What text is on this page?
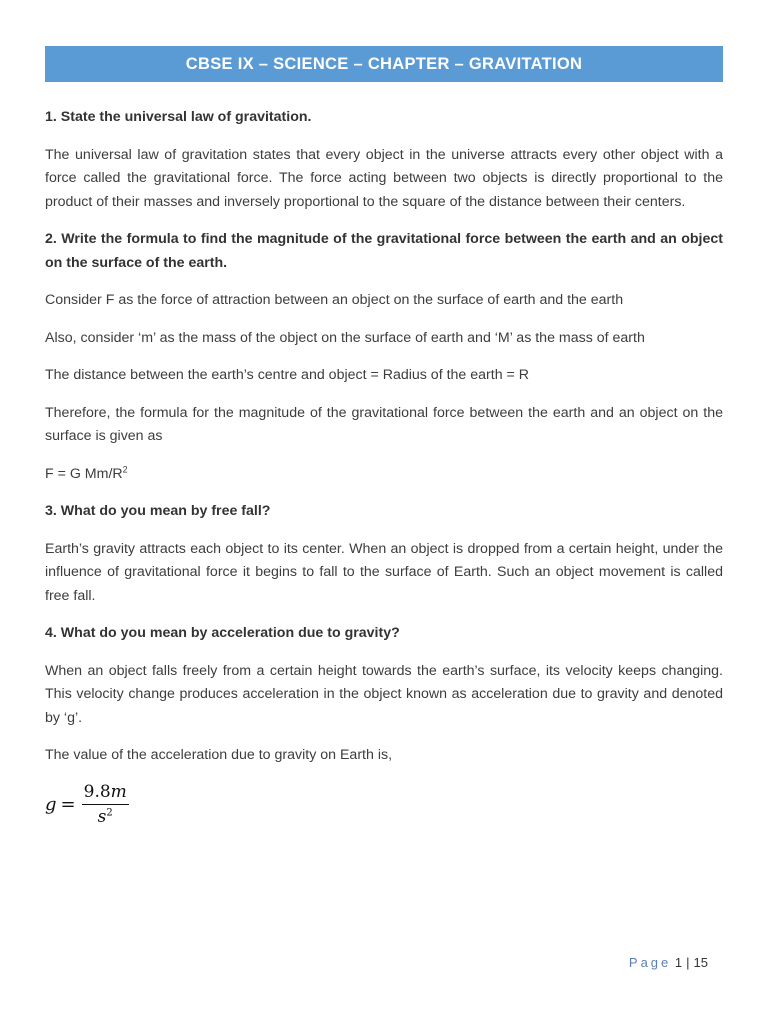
CBSE IX – SCIENCE – CHAPTER – GRAVITATION

1. State the universal law of gravitation.

The universal law of gravitation states that every object in the universe attracts every other object with a force called the gravitational force. The force acting between two objects is directly proportional to the product of their masses and inversely proportional to the square of the distance between their centers.

2. Write the formula to find the magnitude of the gravitational force between the earth and an object on the surface of the earth.

Consider F as the force of attraction between an object on the surface of earth and the earth

Also, consider ‘m’ as the mass of the object on the surface of earth and ‘M’ as the mass of earth

The distance between the earth’s centre and object = Radius of the earth = R

Therefore, the formula for the magnitude of the gravitational force between the earth and an object on the surface is given as

F = G $Mm/R^2$

3. What do you mean by free fall?

Earth’s gravity attracts each object to its center. When an object is dropped from a certain height, under the influence of gravitational force it begins to fall to the surface of Earth. Such an object movement is called free fall.

4. What do you mean by acceleration due to gravity?

When an object falls freely from a certain height towards the earth’s surface, its velocity keeps changing. This velocity change produces acceleration in the object known as acceleration due to gravity and denoted by ‘g’.

The value of the acceleration due to gravity on Earth is,

$g = \frac{9.8m}{s^2}$
Page 1 | 15
